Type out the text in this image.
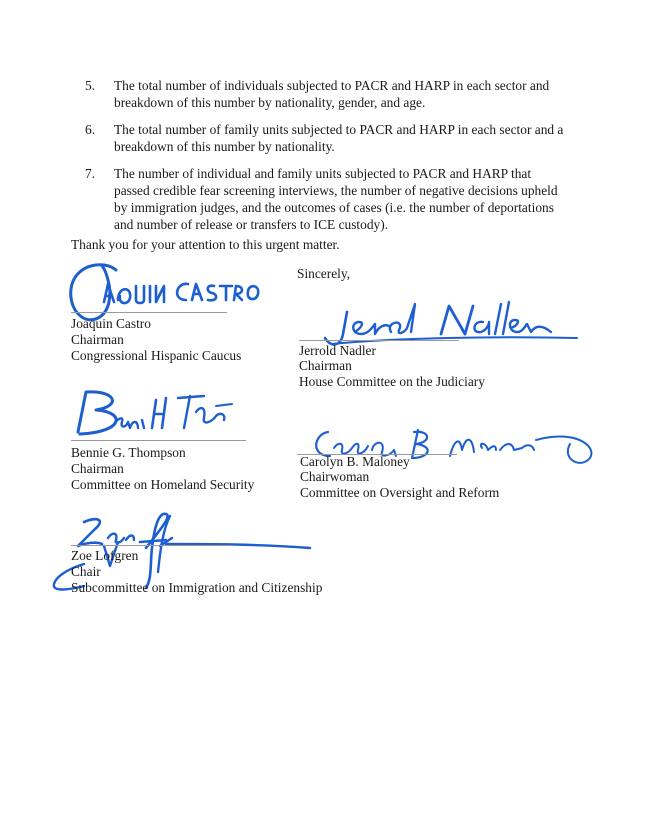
5.	The total number of individuals subjected to PACR and HARP in each sector and breakdown of this number by nationality, gender, and age.
6.	The total number of family units subjected to PACR and HARP in each sector and a breakdown of this number by nationality.
7.	The number of individual and family units subjected to PACR and HARP that passed credible fear screening interviews, the number of negative decisions upheld by immigration judges, and the outcomes of cases (i.e. the number of deportations and number of release or transfers to ICE custody).
Thank you for your attention to this urgent matter.
Sincerely,
Joaquin Castro
Chairman
Congressional Hispanic Caucus	Jerrold Nadler
Chairman
House Committee on the Judiciary
Bennie G. Thompson
Chairman
Committee on Homeland Security
Carolyn B. Maloney
Chairwoman
Committee on Oversight and Reform
Zoe Lofgren
Chair
Subcommittee on Immigration and Citizenship
